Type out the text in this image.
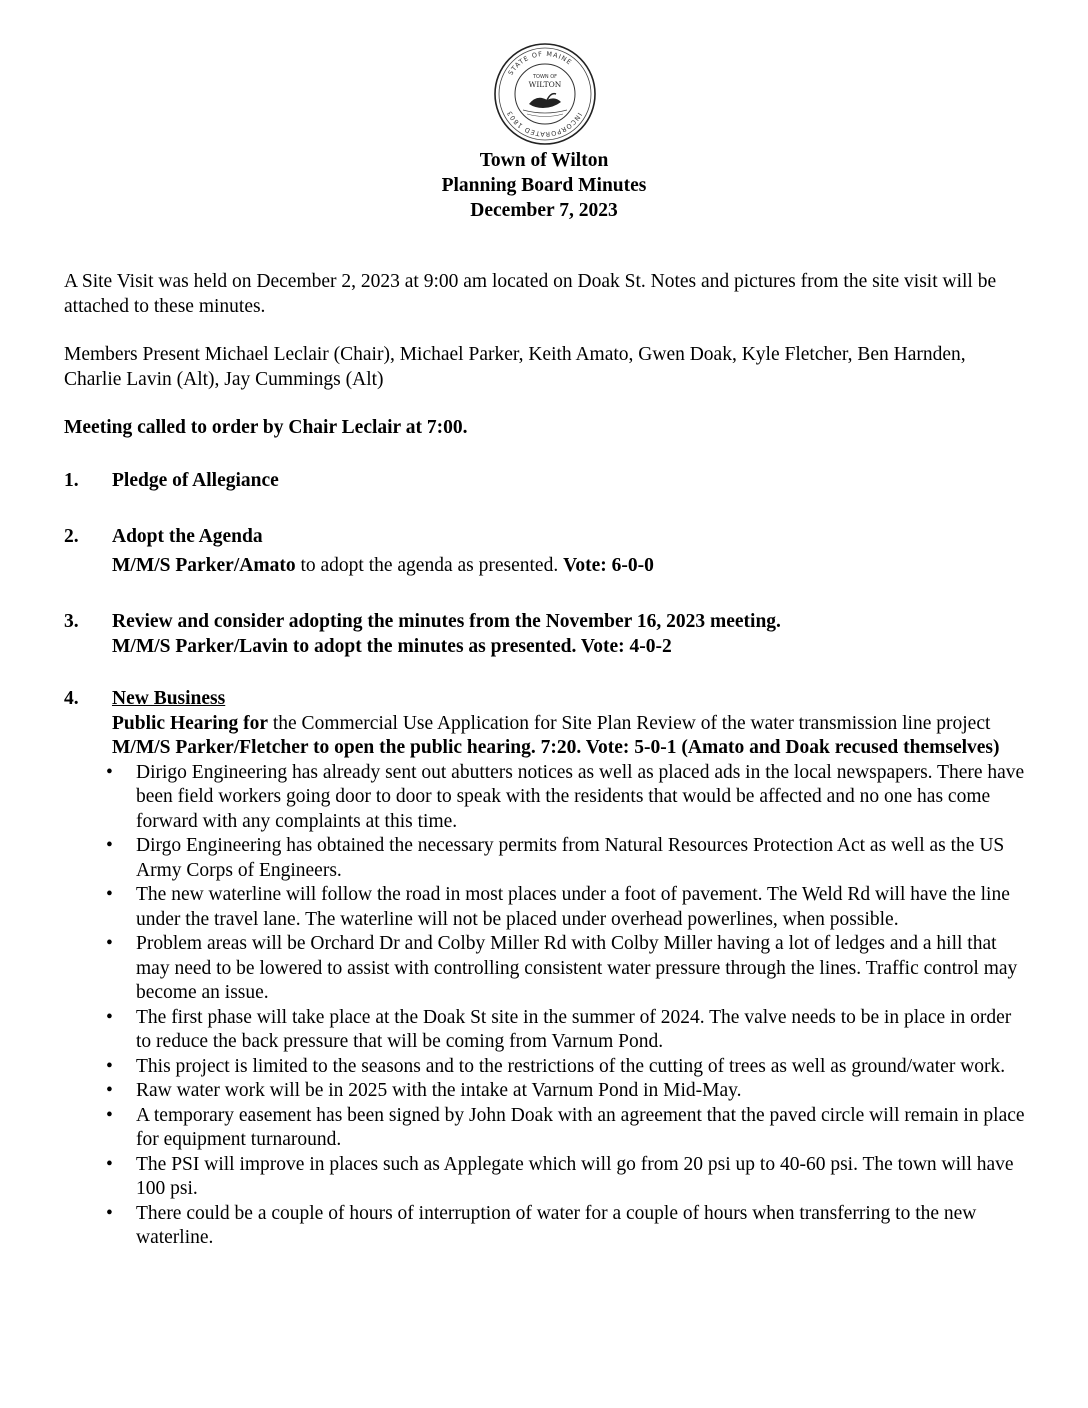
STATE OF MAINE
INCORPORATED 1803
TOWN OF
WILTON
Town of Wilton
Planning Board Minutes
December 7, 2023

A Site Visit was held on December 2, 2023 at 9:00 am located on Doak St. Notes and pictures from the site visit will be attached to these minutes.

Members Present Michael Leclair (Chair), Michael Parker, Keith Amato, Gwen Doak, Kyle Fletcher, Ben Harnden, Charlie Lavin (Alt), Jay Cummings (Alt)

Meeting called to order by Chair Leclair at 7:00.

1. Pledge of Allegiance

2. Adopt the Agenda

M/M/S Parker/Amato to adopt the agenda as presented. Vote: 6-0-0

3. Review and consider adopting the minutes from the November 16, 2023 meeting.

M/M/S Parker/Lavin to adopt the minutes as presented. Vote: 4-0-2

4. New Business

Public Hearing for the Commercial Use Application for Site Plan Review of the water transmission line project

M/M/S Parker/Fletcher to open the public hearing. 7:20. Vote: 5-0-1 (Amato and Doak recused themselves)

• Dirigo Engineering has already sent out abutters notices as well as placed ads in the local newspapers. There have been field workers going door to door to speak with the residents that would be affected and no one has come forward with any complaints at this time.
• Dirgo Engineering has obtained the necessary permits from Natural Resources Protection Act as well as the US Army Corps of Engineers.
• The new waterline will follow the road in most places under a foot of pavement. The Weld Rd will have the line under the travel lane. The waterline will not be placed under overhead powerlines, when possible.
• Problem areas will be Orchard Dr and Colby Miller Rd with Colby Miller having a lot of ledges and a hill that may need to be lowered to assist with controlling consistent water pressure through the lines. Traffic control may become an issue.
• The first phase will take place at the Doak St site in the summer of 2024. The valve needs to be in place in order to reduce the back pressure that will be coming from Varnum Pond.
• This project is limited to the seasons and to the restrictions of the cutting of trees as well as ground/water work.
• Raw water work will be in 2025 with the intake at Varnum Pond in Mid-May.
• A temporary easement has been signed by John Doak with an agreement that the paved circle will remain in place for equipment turnaround.
• The PSI will improve in places such as Applegate which will go from 20 psi up to 40-60 psi. The town will have 100 psi.
• There could be a couple of hours of interruption of water for a couple of hours when transferring to the new waterline.
